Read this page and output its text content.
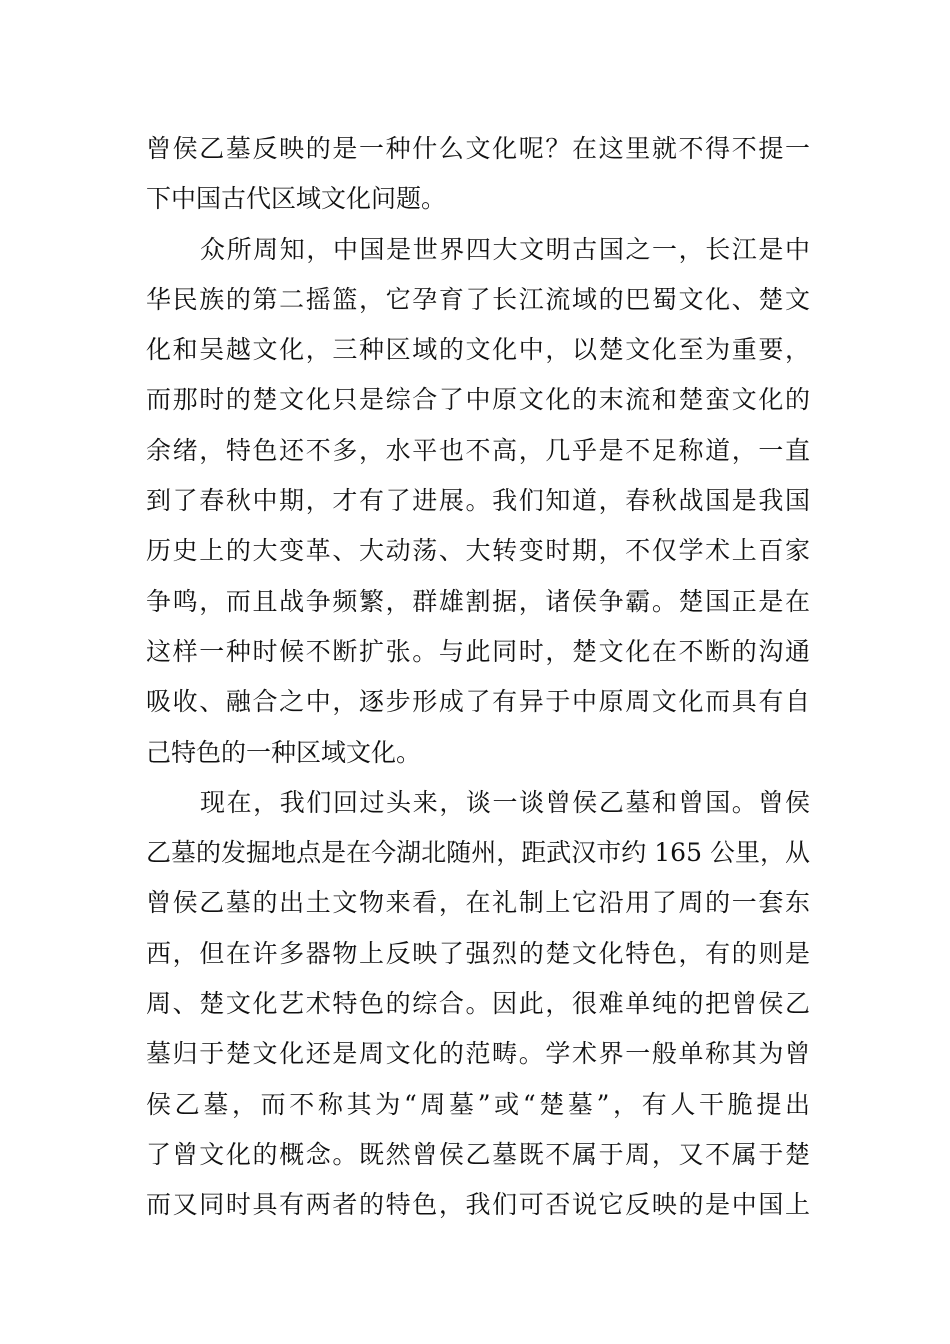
曾侯乙墓反映的是一种什么文化呢？在这里就不得不提一
下中国古代区域文化问题。
众所周知，中国是世界四大文明古国之一，长江是中
华民族的第二摇篮，它孕育了长江流域的巴蜀文化、楚文
化和吴越文化，三种区域的文化中，以楚文化至为重要，
而那时的楚文化只是综合了中原文化的末流和楚蛮文化的
余绪，特色还不多，水平也不高，几乎是不足称道，一直
到了春秋中期，才有了进展。我们知道，春秋战国是我国
历史上的大变革、大动荡、大转变时期，不仅学术上百家
争鸣，而且战争频繁，群雄割据，诸侯争霸。楚国正是在
这样一种时候不断扩张。与此同时，楚文化在不断的沟通
吸收、融合之中，逐步形成了有异于中原周文化而具有自
己特色的一种区域文化。
现在，我们回过头来，谈一谈曾侯乙墓和曾国。曾侯
乙墓的发掘地点是在今湖北随州，距武汉市约 165 公里，从
曾侯乙墓的出土文物来看，在礼制上它沿用了周的一套东
西，但在许多器物上反映了强烈的楚文化特色，有的则是
周、楚文化艺术特色的综合。因此，很难单纯的把曾侯乙
墓归于楚文化还是周文化的范畴。学术界一般单称其为曾
侯乙墓，而不称其为“周墓”或“楚墓”，有人干脆提出
了曾文化的概念。既然曾侯乙墓既不属于周，又不属于楚
而又同时具有两者的特色，我们可否说它反映的是中国上
